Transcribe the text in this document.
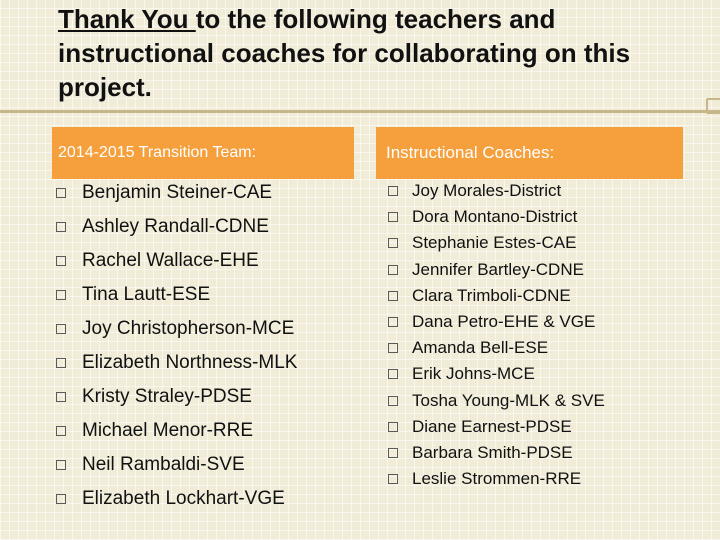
Thank You to the following teachers and instructional coaches for collaborating on this project.
2014-2015 Transition Team:	Instructional Coaches:
Benjamin Steiner-CAE
Ashley Randall-CDNE
Rachel Wallace-EHE
Tina Lautt-ESE
Joy Christopherson-MCE
Elizabeth Northness-MLK
Kristy Straley-PDSE
Michael Menor-RRE
Neil Rambaldi-SVE
Elizabeth Lockhart-VGE
Joy Morales-District
Dora Montano-District
Stephanie Estes-CAE
Jennifer Bartley-CDNE
Clara Trimboli-CDNE
Dana Petro-EHE & VGE
Amanda Bell-ESE
Erik Johns-MCE
Tosha Young-MLK & SVE
Diane Earnest-PDSE
Barbara Smith-PDSE
Leslie Strommen-RRE
